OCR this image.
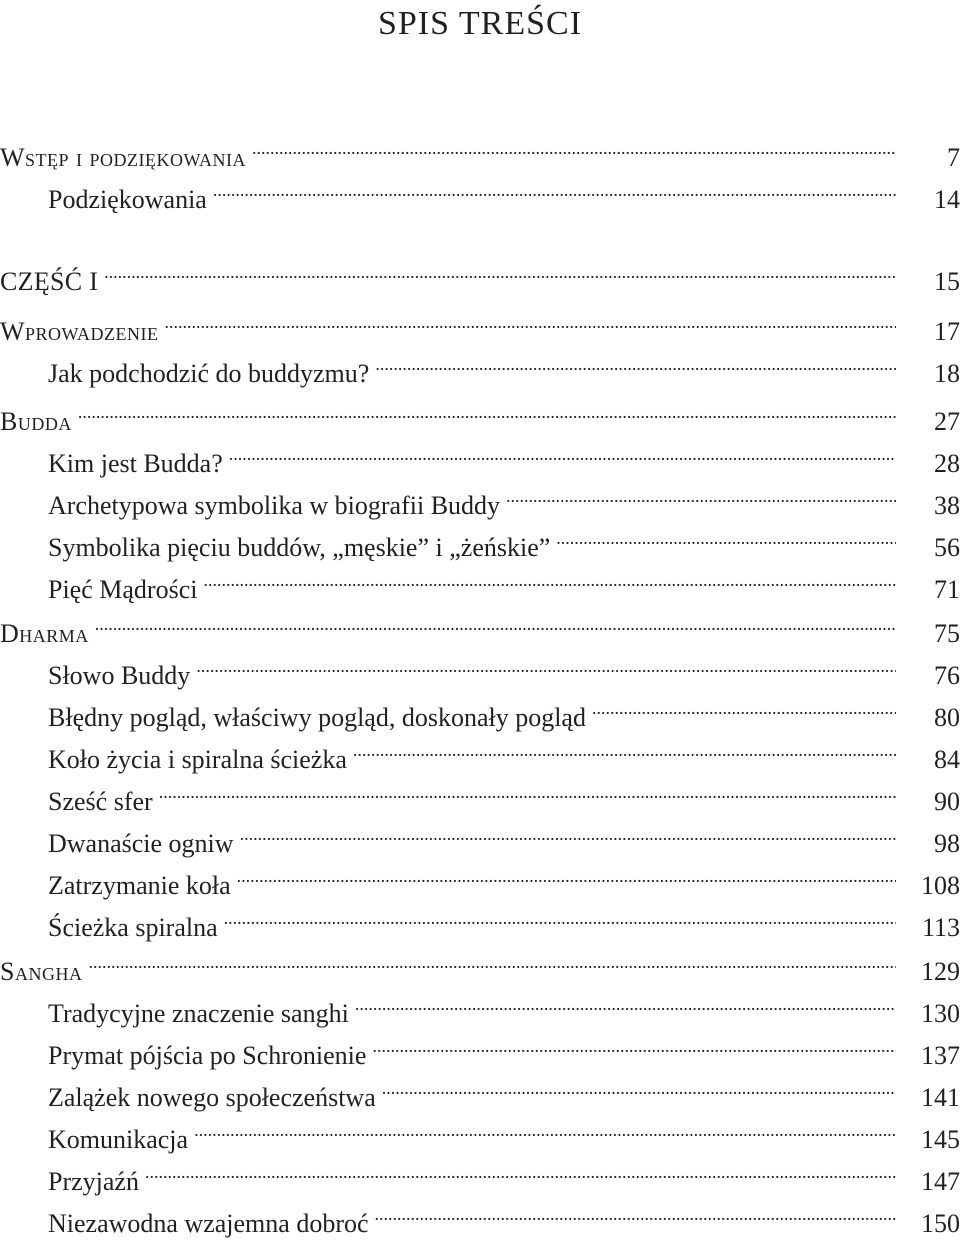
SPIS TREŚCI
Wstęp i podziękowania .....	7
Podziękowania .....	14
CZĘŚĆ I .....	15
Wprowadzenie .....	17
Jak podchodzić do buddyzmu? .....	18
Budda .....	27
Kim jest Budda? .....	28
Archetypowa symbolika w biografii Buddy .....	38
Symbolika pięciu buddów, „męskie” i „żeńskie” .....	56
Pięć Mądrości .....	71
Dharma .....	75
Słowo Buddy .....	76
Błędny pogląd, właściwy pogląd, doskonały pogląd .....	80
Koło życia i spiralna ścieżka .....	84
Sześć sfer .....	90
Dwanaście ogniw .....	98
Zatrzymanie koła .....	108
Ścieżka spiralna .....	113
Sangha .....	129
Tradycyjne znaczenie sanghi .....	130
Prymat pójścia po Schronienie .....	137
Zalążek nowego społeczeństwa .....	141
Komunikacja .....	145
Przyjaźń .....	147
Niezawodna wzajemna dobroć .....	150
